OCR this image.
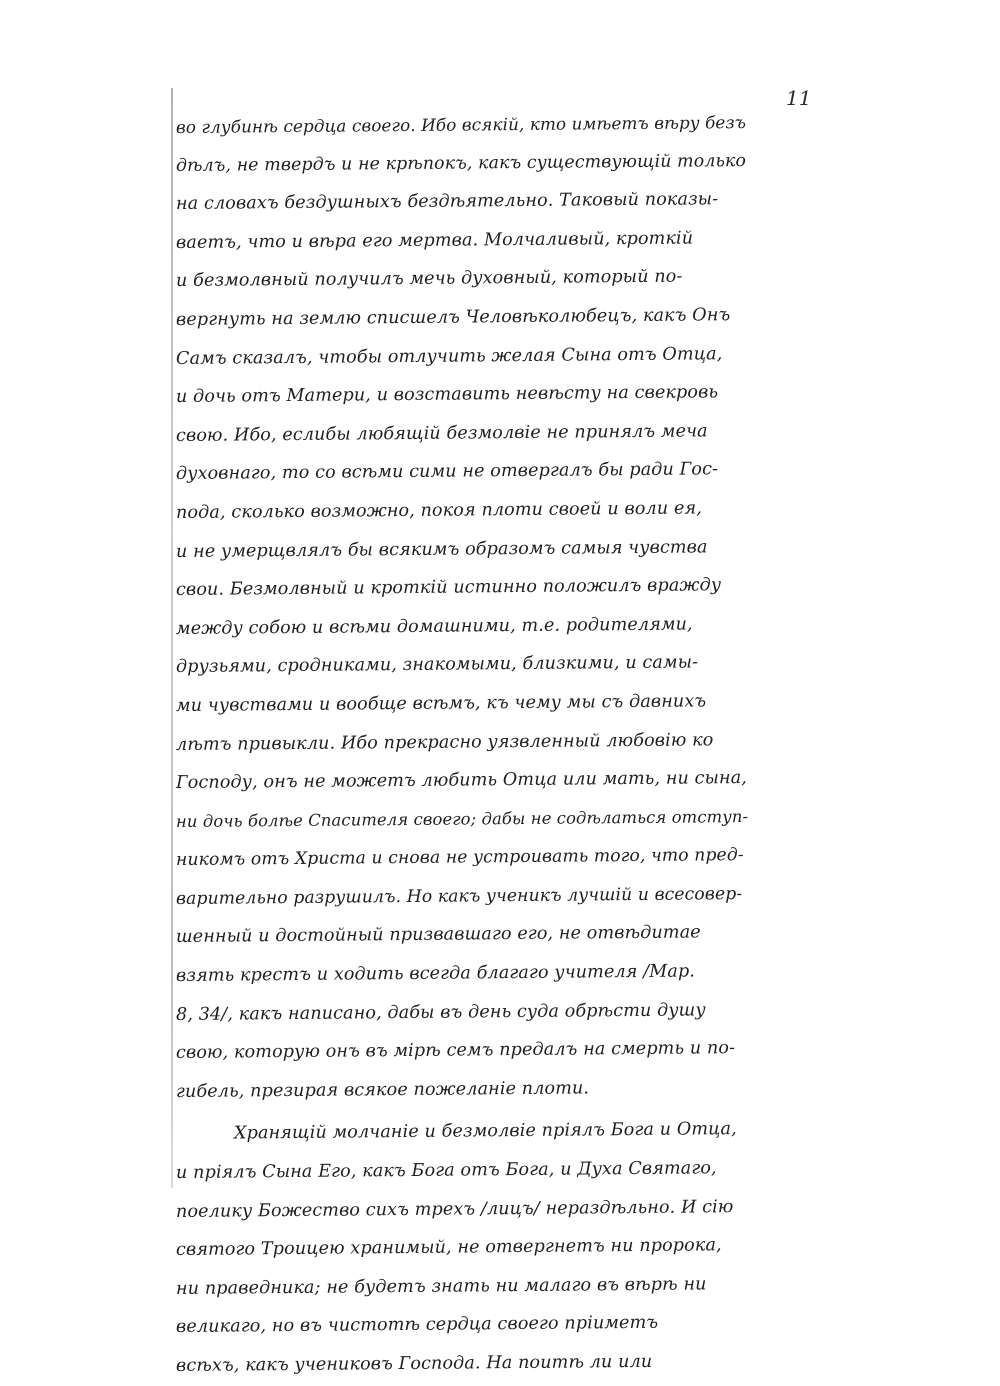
11
во глубинѣ сердца своего. Ибо всякій, кто имѣетъ вѣру безъ
дѣлъ, не твердъ и не крѣпокъ, какъ существующій только
на словахъ бездушныхъ бездѣятельно. Таковый показы-
ваетъ, что и вѣра его мертва. Молчаливый, кроткій
и безмолвный получилъ мечь духовный, который по-
вергнуть на землю списшелъ Человѣколюбецъ, какъ Онъ
Самъ сказалъ, чтобы отлучить желая Сына отъ Отца,
и дочь отъ Матери, и возставить невѣсту на свекровь
свою. Ибо, еслибы любящій безмолвіе не принялъ меча
духовнаго, то со всѣми сими не отвергалъ бы ради Гос-
пода, сколько возможно, покоя плоти своей и воли ея,
и не умерщвлялъ бы всякимъ образомъ самыя чувства
свои. Безмолвный и кроткій истинно положилъ вражду
между собою и всѣми домашними, т.е. родителями,
друзьями, сродниками, знакомыми, близкими, и самы-
ми чувствами и вообще всѣмъ, къ чему мы съ давнихъ
лѣтъ привыкли. Ибо прекрасно уязвленный любовію ко
Господу, онъ не можетъ любить Отца или мать, ни сына,
ни дочь болѣе Спасителя своего; дабы не содѣлаться отступ-
никомъ отъ Христа и снова не устроивать того, что пред-
варительно разрушилъ. Но какъ ученикъ лучшій и всесовер-
шенный и достойный призвавшаго его, не отвѣдитае
взять крестъ и ходить всегда благаго учителя /Мар.
8, 34/, какъ написано, дабы въ день суда обрѣсти душу
свою, которую онъ въ мірѣ семъ предалъ на смерть и по-
гибель, презирая всякое пожеланіе плоти.
Хранящій молчаніе и безмолвіе пріялъ Бога и Отца,
и пріялъ Сына Его, какъ Бога отъ Бога, и Духа Святаго,
поелику Божество сихъ трехъ /лицъ/ нераздѣльно. И сію
святого Троицею хранимый, не отвергнетъ ни пророка,
ни праведника; не будетъ знать ни малаго въ вѣрѣ ни
великаго, но въ чистотѣ сердца своего пріиметъ
всѣхъ, какъ учениковъ Господа. На поитѣ ли или
